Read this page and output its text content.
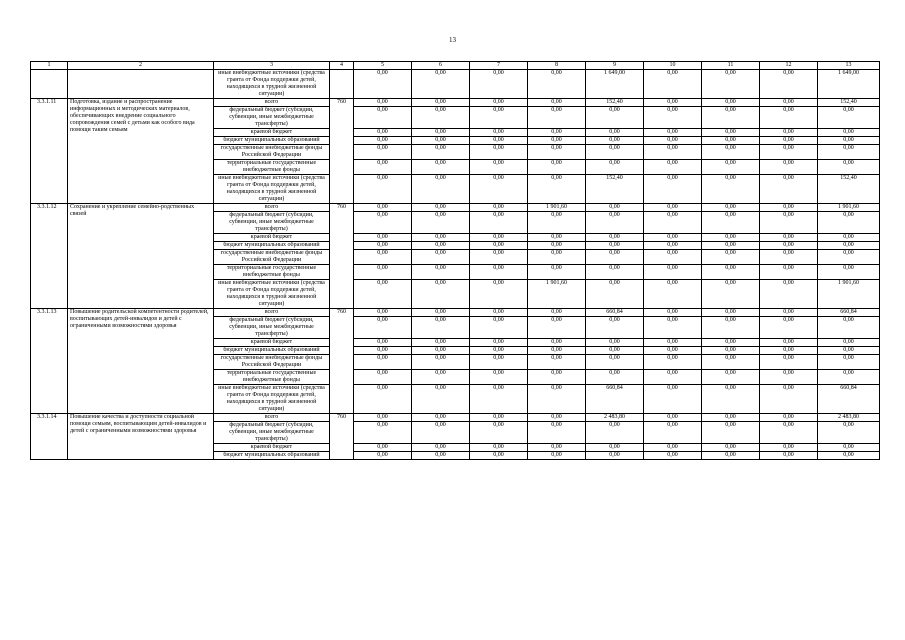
13
1	2	3	4	5	6	7	8	9	10	11	12	13
		иные внебюджетные источники (средства гранта от Фонда поддержки детей, находящихся в трудной жизненной ситуации)		0,00	0,00	0,00	0,00	1 649,00	0,00	0,00	0,00	1 649,00
3.3.1.11	Подготовка, издание и распространение информационных и методических материалов, обеспечивающих внедрение социального сопровождения семей с детьми как особого вида помощи таким семьям	всего	760	0,00	0,00	0,00	0,00	152,40	0,00	0,00	0,00	152,40
		федеральный бюджет (субсидии, субвенции, иные межбюджетные трансферты)		0,00	0,00	0,00	0,00	0,00	0,00	0,00	0,00	0,00
		краевой бюджет		0,00	0,00	0,00	0,00	0,00	0,00	0,00	0,00	0,00
		бюджет муниципальных образований		0,00	0,00	0,00	0,00	0,00	0,00	0,00	0,00	0,00
		государственные внебюджетные фонды Российской Федерации		0,00	0,00	0,00	0,00	0,00	0,00	0,00	0,00	0,00
		территориальные государственные внебюджетные фонды		0,00	0,00	0,00	0,00	0,00	0,00	0,00	0,00	0,00
		иные внебюджетные источники (средства гранта от Фонда поддержки детей, находящихся в трудной жизненной ситуации)		0,00	0,00	0,00	0,00	152,40	0,00	0,00	0,00	152,40
3.3.1.12	Сохранение и укрепление семейно-родственных связей	всего	760	0,00	0,00	0,00	1 901,60	0,00	0,00	0,00	0,00	1 901,60
		федеральный бюджет (субсидии, субвенции, иные межбюджетные трансферты)		0,00	0,00	0,00	0,00	0,00	0,00	0,00	0,00	0,00
		краевой бюджет		0,00	0,00	0,00	0,00	0,00	0,00	0,00	0,00	0,00
		бюджет муниципальных образований		0,00	0,00	0,00	0,00	0,00	0,00	0,00	0,00	0,00
		государственные внебюджетные фонды Российской Федерации		0,00	0,00	0,00	0,00	0,00	0,00	0,00	0,00	0,00
		территориальные государственные внебюджетные фонды		0,00	0,00	0,00	0,00	0,00	0,00	0,00	0,00	0,00
		иные внебюджетные источники (средства гранта от Фонда поддержки детей, находящихся в трудной жизненной ситуации)		0,00	0,00	0,00	1 901,60	0,00	0,00	0,00	0,00	1 901,60
3.3.1.13	Повышение родительской компетентности родителей, воспитывающих детей-инвалидов и детей с ограниченными возможностями здоровья	всего	760	0,00	0,00	0,00	0,00	660,84	0,00	0,00	0,00	660,84
		федеральный бюджет (субсидии, субвенции, иные межбюджетные трансферты)		0,00	0,00	0,00	0,00	0,00	0,00	0,00	0,00	0,00
		краевой бюджет		0,00	0,00	0,00	0,00	0,00	0,00	0,00	0,00	0,00
		бюджет муниципальных образований		0,00	0,00	0,00	0,00	0,00	0,00	0,00	0,00	0,00
		государственные внебюджетные фонды Российской Федерации		0,00	0,00	0,00	0,00	0,00	0,00	0,00	0,00	0,00
		территориальные государственные внебюджетные фонды		0,00	0,00	0,00	0,00	0,00	0,00	0,00	0,00	0,00
		иные внебюджетные источники (средства гранта от Фонда поддержки детей, находящихся в трудной жизненной ситуации)		0,00	0,00	0,00	0,00	660,84	0,00	0,00	0,00	660,84
3.3.1.14	Повышение качества и доступности социальной помощи семьям, воспитывающим детей-инвалидов и детей с ограниченными возможностями здоровья	всего	760	0,00	0,00	0,00	0,00	2 483,80	0,00	0,00	0,00	2 483,80
		федеральный бюджет (субсидии, субвенции, иные межбюджетные трансферты)		0,00	0,00	0,00	0,00	0,00	0,00	0,00	0,00	0,00
		краевой бюджет		0,00	0,00	0,00	0,00	0,00	0,00	0,00	0,00	0,00
		бюджет муниципальных образований		0,00	0,00	0,00	0,00	0,00	0,00	0,00	0,00	0,00
